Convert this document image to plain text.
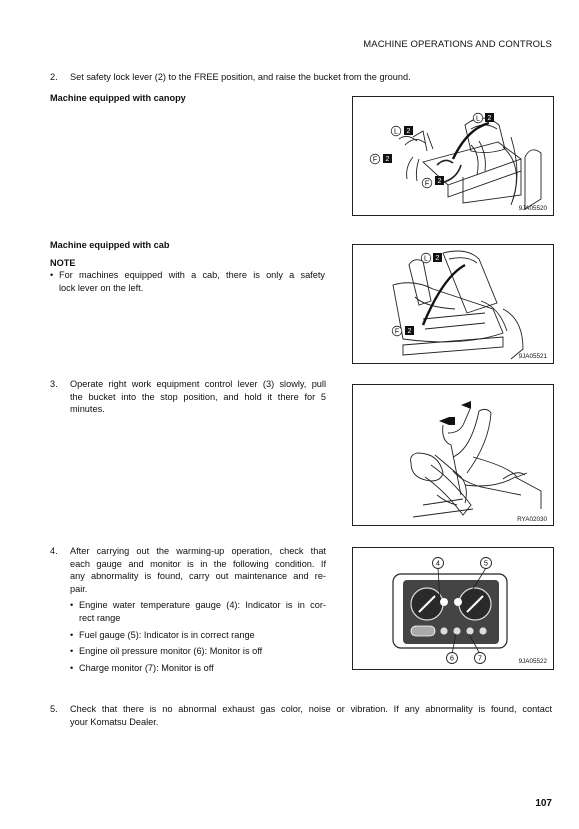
MACHINE OPERATIONS AND CONTROLS
2. Set safety lock lever (2) to the FREE position, and raise the bucket from the ground.
Machine equipped with canopy
L 2
L 2
F 2
F 2
9JA05520
Machine equipped with cab
NOTE
• For machines equipped with a cab, there is only a safety
lock lever on the left.
L 2
F 2
9JA05521
3. Operate right work equipment control lever (3) slowly, pull
the bucket into the stop position, and hold it there for 5
minutes.
RYA02030
4. After carrying out the warming-up operation, check that
each gauge and monitor is in the following condition. If
any abnormality is found, carry out maintenance and re-
pair.
• Engine water temperature gauge (4): Indicator is in cor-
rect range
• Fuel gauge (5): Indicator is in correct range
• Engine oil pressure monitor (6): Monitor is off
• Charge monitor (7): Monitor is off
4	5
6	7	9JA05522
5. Check that there is no abnormal exhaust gas color, noise or vibration. If any abnormality is found, contact
your Komatsu Dealer.
107
